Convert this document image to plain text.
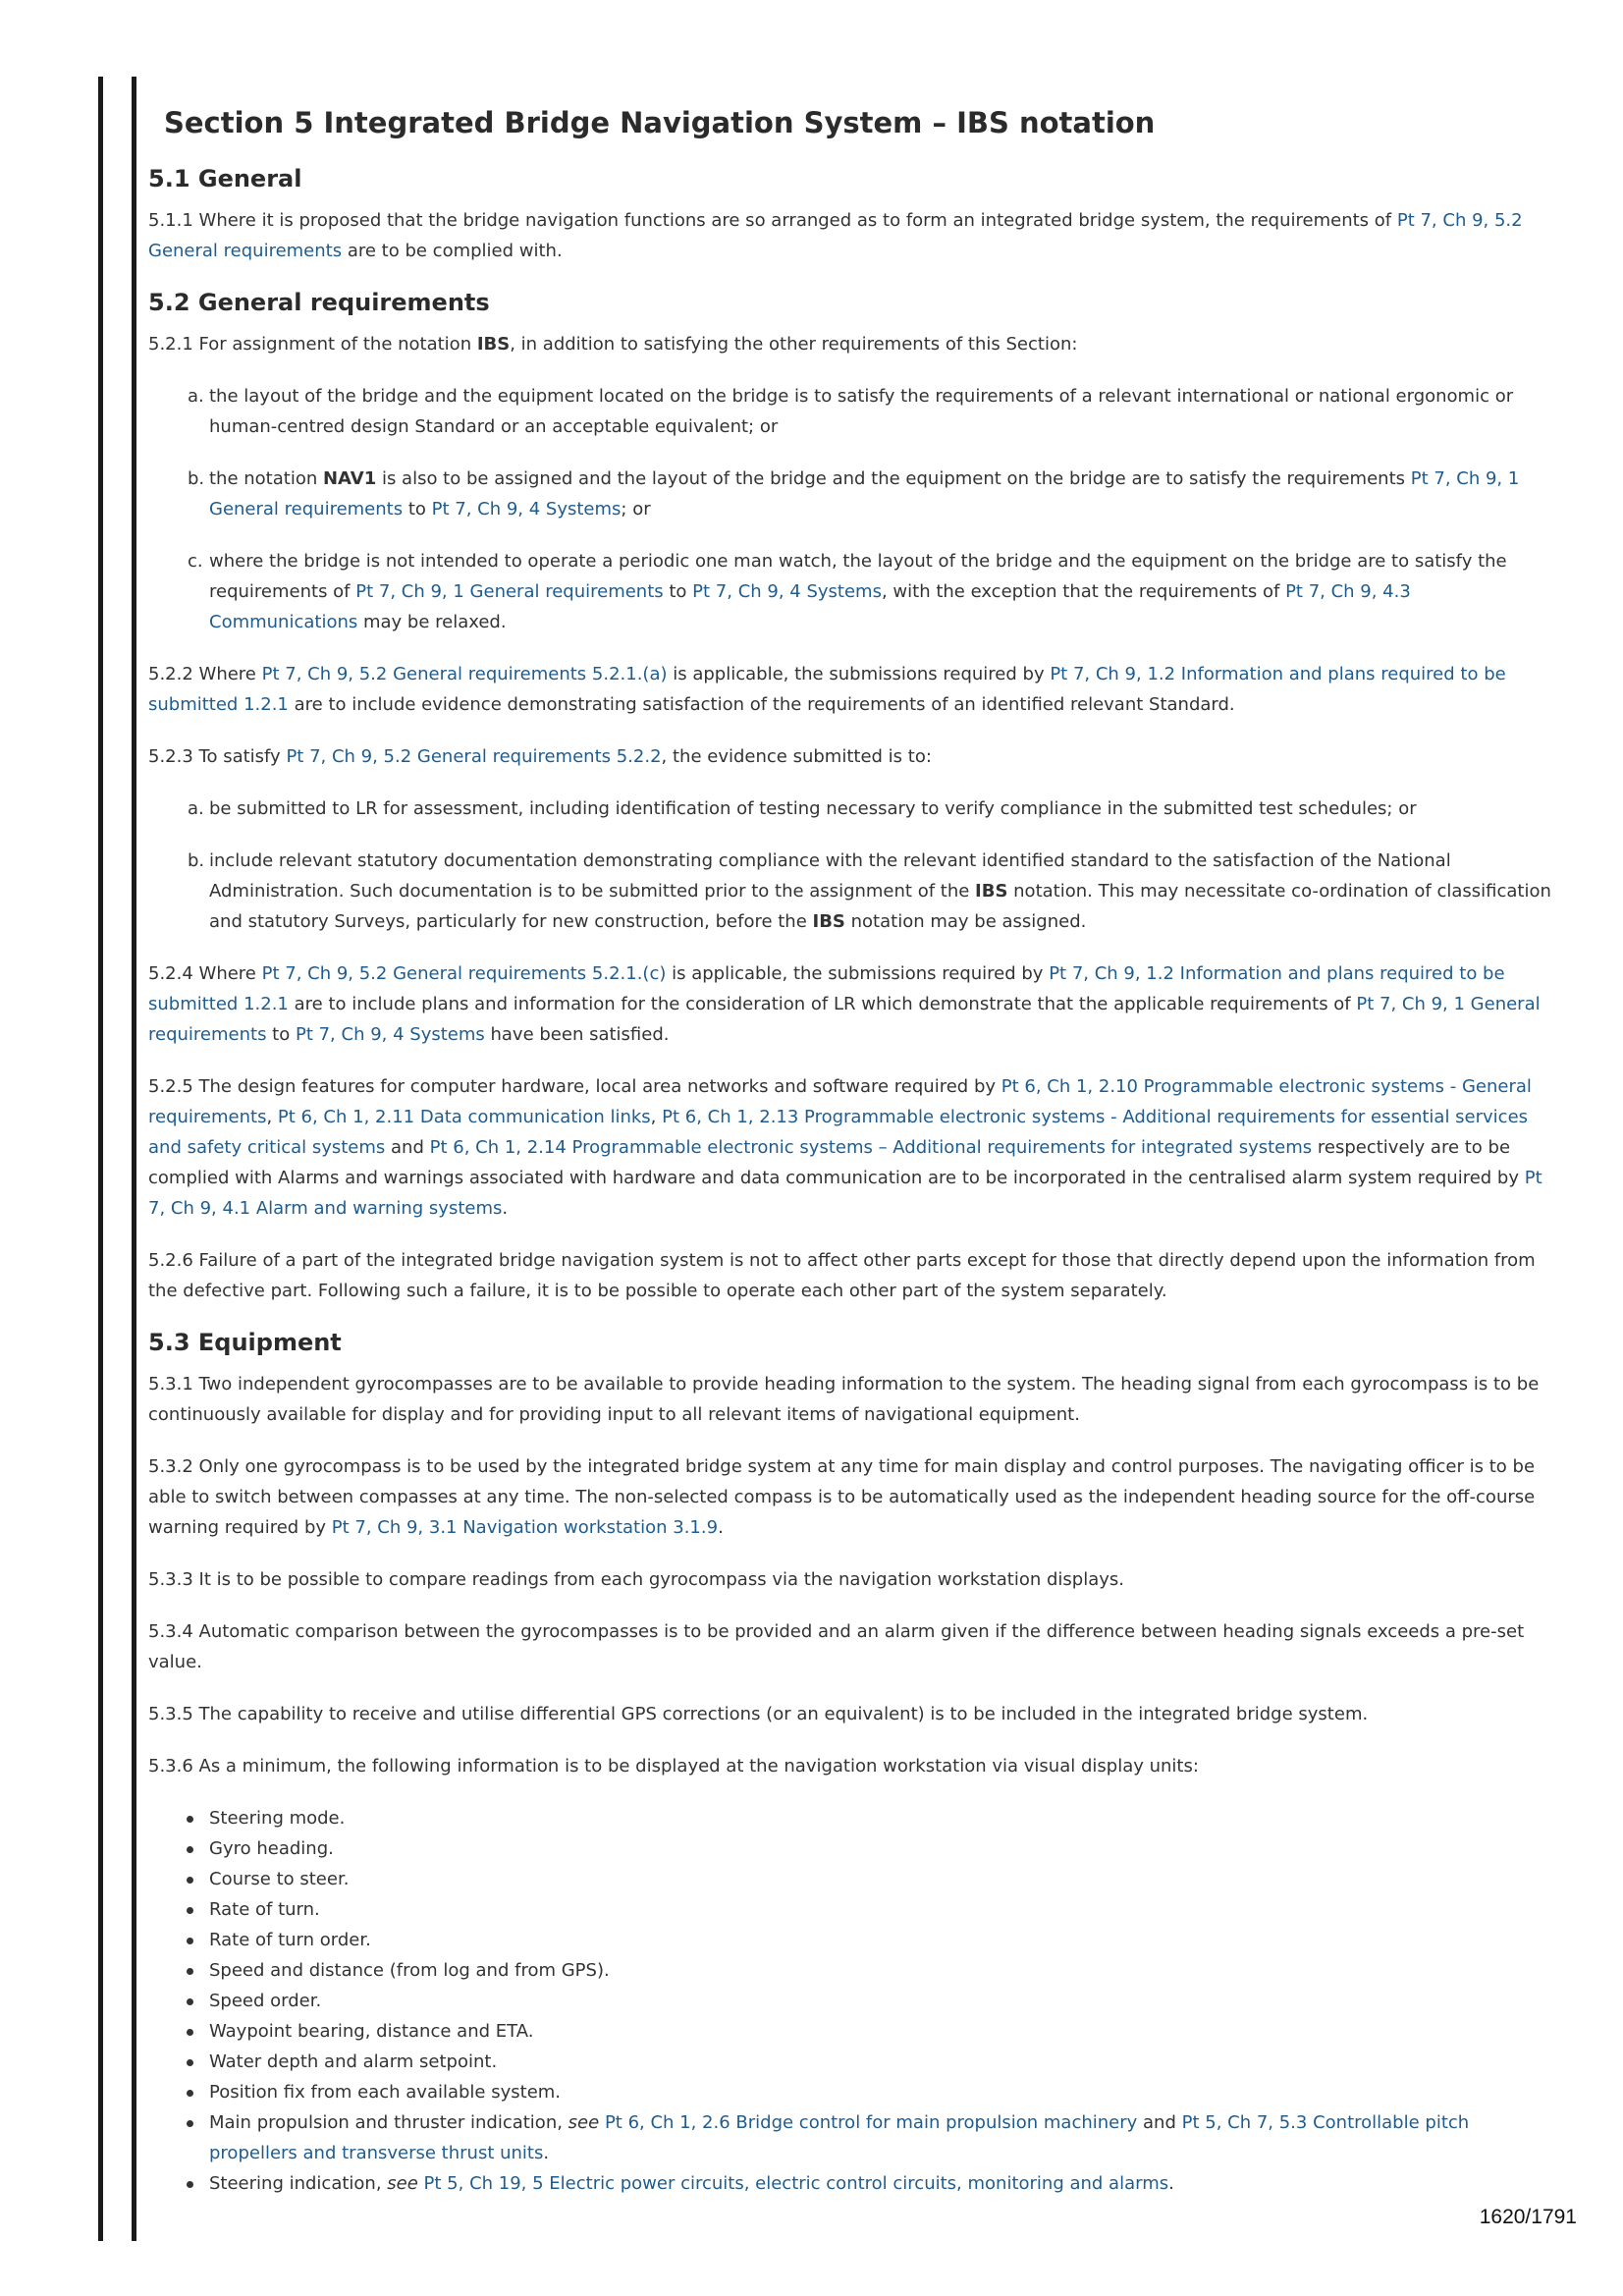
Section 5 Integrated Bridge Navigation System – IBS notation
5.1 General

5.1.1 Where it is proposed that the bridge navigation functions are so arranged as to form an integrated bridge system, the requirements of Pt 7, Ch 9, 5.2 General requirements are to be complied with.

5.2 General requirements

5.2.1 For assignment of the notation IBS, in addition to satisfying the other requirements of this Section:

a. the layout of the bridge and the equipment located on the bridge is to satisfy the requirements of a relevant international or national ergonomic or human-centred design Standard or an acceptable equivalent; or
b. the notation NAV1 is also to be assigned and the layout of the bridge and the equipment on the bridge are to satisfy the requirements Pt 7, Ch 9, 1 General requirements to Pt 7, Ch 9, 4 Systems; or
c. where the bridge is not intended to operate a periodic one man watch, the layout of the bridge and the equipment on the bridge are to satisfy the requirements of Pt 7, Ch 9, 1 General requirements to Pt 7, Ch 9, 4 Systems, with the exception that the requirements of Pt 7, Ch 9, 4.3 Communications may be relaxed.

5.2.2 Where Pt 7, Ch 9, 5.2 General requirements 5.2.1.(a) is applicable, the submissions required by Pt 7, Ch 9, 1.2 Information and plans required to be submitted 1.2.1 are to include evidence demonstrating satisfaction of the requirements of an identified relevant Standard.

5.2.3 To satisfy Pt 7, Ch 9, 5.2 General requirements 5.2.2, the evidence submitted is to:

a. be submitted to LR for assessment, including identification of testing necessary to verify compliance in the submitted test schedules; or
b. include relevant statutory documentation demonstrating compliance with the relevant identified standard to the satisfaction of the National Administration. Such documentation is to be submitted prior to the assignment of the IBS notation. This may necessitate co-ordination of classification and statutory Surveys, particularly for new construction, before the IBS notation may be assigned.

5.2.4 Where Pt 7, Ch 9, 5.2 General requirements 5.2.1.(c) is applicable, the submissions required by Pt 7, Ch 9, 1.2 Information and plans required to be submitted 1.2.1 are to include plans and information for the consideration of LR which demonstrate that the applicable requirements of Pt 7, Ch 9, 1 General requirements to Pt 7, Ch 9, 4 Systems have been satisfied.

5.2.5 The design features for computer hardware, local area networks and software required by Pt 6, Ch 1, 2.10 Programmable electronic systems - General requirements, Pt 6, Ch 1, 2.11 Data communication links, Pt 6, Ch 1, 2.13 Programmable electronic systems - Additional requirements for essential services and safety critical systems and Pt 6, Ch 1, 2.14 Programmable electronic systems – Additional requirements for integrated systems respectively are to be complied with Alarms and warnings associated with hardware and data communication are to be incorporated in the centralised alarm system required by Pt 7, Ch 9, 4.1 Alarm and warning systems.

5.2.6 Failure of a part of the integrated bridge navigation system is not to affect other parts except for those that directly depend upon the information from the defective part. Following such a failure, it is to be possible to operate each other part of the system separately.

5.3 Equipment

5.3.1 Two independent gyrocompasses are to be available to provide heading information to the system. The heading signal from each gyrocompass is to be continuously available for display and for providing input to all relevant items of navigational equipment.

5.3.2 Only one gyrocompass is to be used by the integrated bridge system at any time for main display and control purposes. The navigating officer is to be able to switch between compasses at any time. The non-selected compass is to be automatically used as the independent heading source for the off-course warning required by Pt 7, Ch 9, 3.1 Navigation workstation 3.1.9.

5.3.3 It is to be possible to compare readings from each gyrocompass via the navigation workstation displays.

5.3.4 Automatic comparison between the gyrocompasses is to be provided and an alarm given if the difference between heading signals exceeds a pre-set value.

5.3.5 The capability to receive and utilise differential GPS corrections (or an equivalent) is to be included in the integrated bridge system.

5.3.6 As a minimum, the following information is to be displayed at the navigation workstation via visual display units:

Steering mode.
Gyro heading.
Course to steer.
Rate of turn.
Rate of turn order.
Speed and distance (from log and from GPS).
Speed order.
Waypoint bearing, distance and ETA.
Water depth and alarm setpoint.
Position fix from each available system.
Main propulsion and thruster indication, see Pt 6, Ch 1, 2.6 Bridge control for main propulsion machinery and Pt 5, Ch 7, 5.3 Controllable pitch propellers and transverse thrust units.
Steering indication, see Pt 5, Ch 19, 5 Electric power circuits, electric control circuits, monitoring and alarms.
1620/1791
